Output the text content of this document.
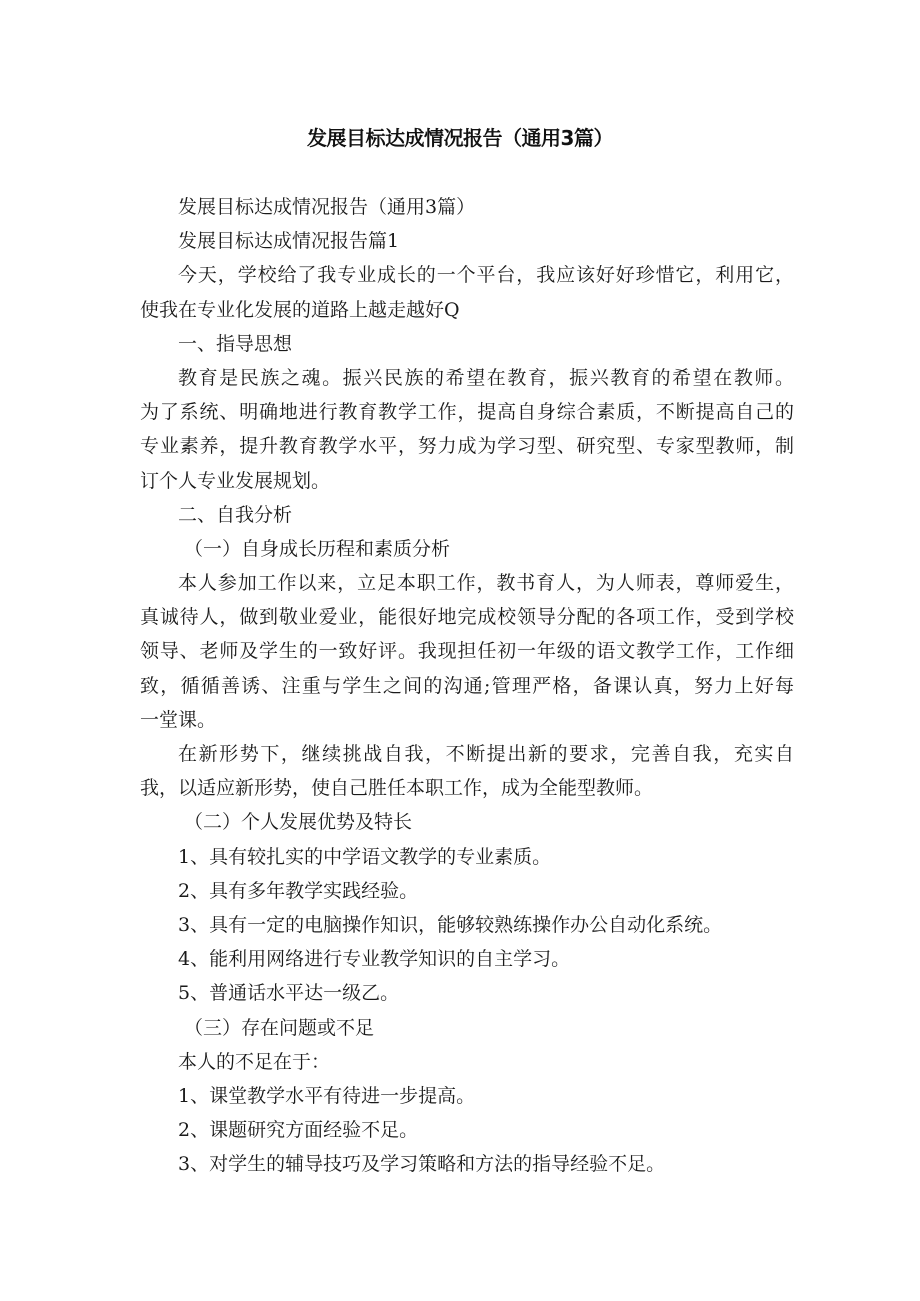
发展目标达成情况报告（通用3篇）
发展目标达成情况报告（通用3篇）
发展目标达成情况报告篇1
今天，学校给了我专业成长的一个平台，我应该好好珍惜它，利用它，
使我在专业化发展的道路上越走越好Q
一、指导思想
教育是民族之魂。振兴民族的希望在教育，振兴教育的希望在教师。
为了系统、明确地进行教育教学工作，提高自身综合素质，不断提高自己的
专业素养，提升教育教学水平，努力成为学习型、研究型、专家型教师，制
订个人专业发展规划。
二、自我分析
（一）自身成长历程和素质分析
本人参加工作以来，立足本职工作，教书育人，为人师表，尊师爱生，
真诚待人，做到敬业爱业，能很好地完成校领导分配的各项工作，受到学校
领导、老师及学生的一致好评。我现担任初一年级的语文教学工作，工作细
致，循循善诱、注重与学生之间的沟通;管理严格，备课认真，努力上好每
一堂课。
在新形势下，继续挑战自我，不断提出新的要求，完善自我，充实自
我，以适应新形势，使自己胜任本职工作，成为全能型教师。
（二）个人发展优势及特长
1、具有较扎实的中学语文教学的专业素质。
2、具有多年教学实践经验。
3、具有一定的电脑操作知识，能够较熟练操作办公自动化系统。
4、能利用网络进行专业教学知识的自主学习。
5、普通话水平达一级乙。
（三）存在问题或不足
本人的不足在于：
1、课堂教学水平有待进一步提高。
2、课题研究方面经验不足。
3、对学生的辅导技巧及学习策略和方法的指导经验不足。
